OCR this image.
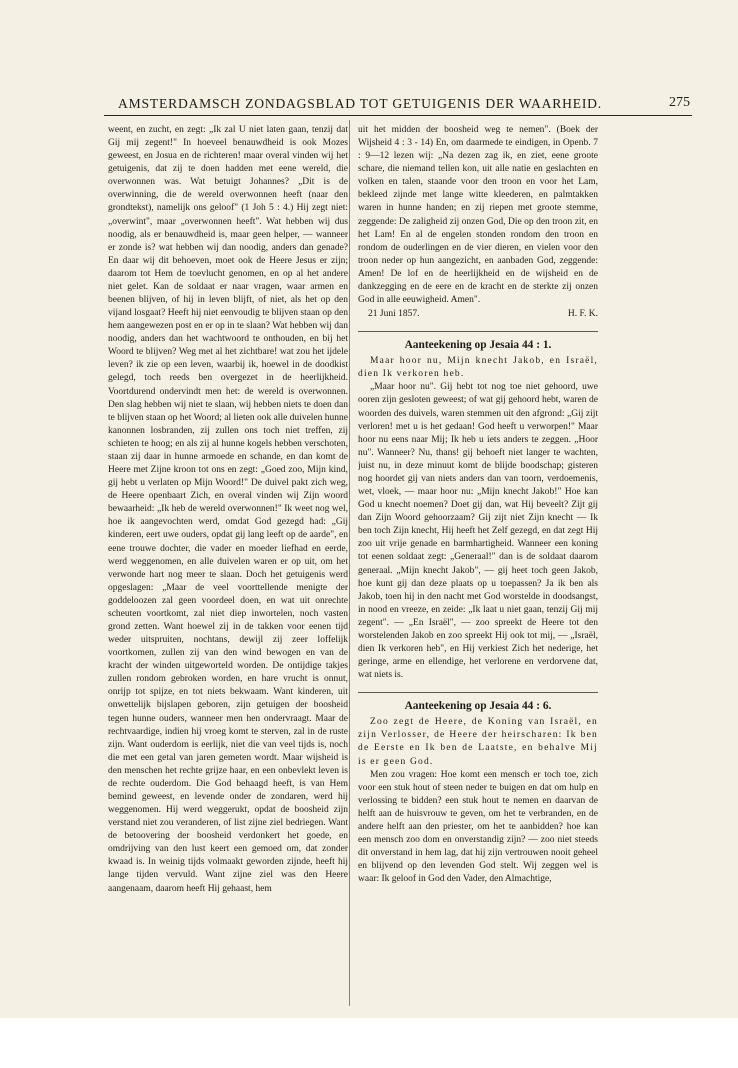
AMSTERDAMSCH ZONDAGSBLAD TOT GETUIGENIS DER WAARHEID.	275

weent, en zucht, en zegt: „Ik zal U niet laten gaan, tenzij dat Gij mij zegent!" In hoeveel benauwdheid is ook Mozes geweest, en Josua en de richteren! maar overal vinden wij het getuigenis, dat zij te doen hadden met eene wereld, die overwonnen was. Wat betuigt Johannes? „Dit is de overwinning, die de wereld overwonnen heeft (naar den grondtekst), namelijk ons geloof" (1 Joh 5 : 4.) Hij zegt niet: „overwint", maar „overwonnen heeft". Wat hebben wij dus noodig, als er benauwdheid is, maar geen helper, — wanneer er zonde is? wat hebben wij dan noodig, anders dan genade? En daar wij dit behoeven, moet ook de Heere Jesus er zijn; daarom tot Hem de toevlucht genomen, en op al het andere niet gelet. Kan de soldaat er naar vragen, waar armen en beenen blijven, of hij in leven blijft, of niet, als het op den vijand losgaat? Heeft hij niet eenvoudig te blijven staan op den hem aangewezen post en er op in te slaan? Wat hebben wij dan noodig, anders dan het wachtwoord te onthouden, en bij het Woord te blijven? Weg met al het zichtbare! wat zou het ijdele leven? ik zie op een leven, waarbij ik, hoewel in de doodkist gelegd, toch reeds ben overgezet in de heerlijkheid. Voortdurend ondervindt men het: de wereld is overwonnen. Den slag hebben wij niet te slaan, wij hebben niets te doen dan te blijven staan op het Woord; al lieten ook alle duivelen hunne kanonnen losbranden, zij zullen ons toch niet treffen, zij schieten te hoog; en als zij al hunne kogels hebben verschoten, staan zij daar in hunne armoede en schande, en dan komt de Heere met Zijne kroon tot ons en zegt: „Goed zoo, Mijn kind, gij hebt u verlaten op Mijn Woord!" De duivel pakt zich weg, de Heere openbaart Zich, en overal vinden wij Zijn woord bewaarheid: „Ik heb de wereld overwonnen!" Ik weet nog wel, hoe ik aangevochten werd, omdat God gezegd had: „Gij kinderen, eert uwe ouders, opdat gij lang leeft op de aarde", en eene trouwe dochter, die vader en moeder liefhad en eerde, werd weggenomen, en alle duivelen waren er op uit, om het verwonde hart nog meer te slaan. Doch het getuigenis werd opgeslagen: „Maar de veel voorttellende menigte der goddeloozen zal geen voordeel doen, en wat uit onrechte scheuten voortkomt, zal niet diep inwortelen, noch vasten grond zetten. Want hoewel zij in de takken voor eenen tijd weder uitspruiten, nochtans, dewijl zij zeer loffelijk voortkomen, zullen zij van den wind bewogen en van de kracht der winden uitgeworteld worden. De ontijdige takjes zullen rondom gebroken worden, en hare vrucht is onnut, onrijp tot spijze, en tot niets bekwaam. Want kinderen, uit onwettelijk bijslapen geboren, zijn getuigen der boosheid tegen hunne ouders, wanneer men hen ondervraagt. Maar de rechtvaardige, indien hij vroeg komt te sterven, zal in de ruste zijn. Want ouderdom is eerlijk, niet die van veel tijds is, noch die met een getal van jaren gemeten wordt. Maar wijsheid is den menschen het rechte grijze haar, en een onbevlekt leven is de rechte ouderdom. Die God behaagd heeft, is van Hem bemind geweest, en levende onder de zondaren, werd hij weggenomen. Hij werd weggerukt, opdat de boosheid zijn verstand niet zou veranderen, of list zijne ziel bedriegen. Want de betoovering der boosheid verdonkert het goede, en omdrijving van den lust keert een gemoed om, dat zonder kwaad is. In weinig tijds volmaakt geworden zijnde, heeft hij lange tijden vervuld. Want zijne ziel was den Heere aangenaam, daarom heeft Hij gehaast, hem

uit het midden der boosheid weg te nemen". (Boek der Wijsheid 4 : 3 - 14) En, om daarmede te eindigen, in Openb. 7 : 9—12 lezen wij: „Na dezen zag ik, en ziet, eene groote schare, die niemand tellen kon, uit alle natie en geslachten en volken en talen, staande voor den troon en voor het Lam, bekleed zijnde met lange witte kleederen, en palmtakken waren in hunne handen; en zij riepen met groote stemme, zeggende: De zaligheid zij onzen God, Die op den troon zit, en het Lam! En al de engelen stonden rondom den troon en rondom de ouderlingen en de vier dieren, en vielen voor den troon neder op hun aangezicht, en aanbaden God, zeggende: Amen! De lof en de heerlijkheid en de wijsheid en de dankzegging en de eere en de kracht en de sterkte zij onzen God in alle eeuwigheid. Amen".

21 Juni 1857.	H. F. K.

Aanteekening op Jesaia 44 : 1.

Maar hoor nu, Mijn knecht Jakob, en Israël, dien Ik verkoren heb.

„Maar hoor nu". Gij hebt tot nog toe niet gehoord, uwe ooren zijn gesloten geweest; of wat gij gehoord hebt, waren de woorden des duivels, waren stemmen uit den afgrond: „Gij zijt verloren! met u is het gedaan! God heeft u verworpen!" Maar hoor nu eens naar Mij; Ik heb u iets anders te zeggen. „Hoor nu". Wanneer? Nu, thans! gij behoeft niet langer te wachten, juist nu, in deze minuut komt de blijde boodschap; gisteren nog hoordet gij van niets anders dan van toorn, verdoemenis, wet, vloek, — maar hoor nu: „Mijn knecht Jakob!" Hoe kan God u knecht noemen? Doet gij dan, wat Hij beveelt? Zijt gij dan Zijn Woord gehoorzaam? Gij zijt niet Zijn knecht — Ik ben toch Zijn knecht, Hij heeft het Zelf gezegd, en dat zegt Hij zoo uit vrije genade en barmhartigheid. Wanneer een koning tot eenen soldaat zegt: „Generaal!" dan is de soldaat daarom generaal. „Mijn knecht Jakob", — gij heet toch geen Jakob, hoe kunt gij dan deze plaats op u toepassen? Ja ik ben als Jakob, toen hij in den nacht met God worstelde in doodsangst, in nood en vreeze, en zeide: „Ik laat u niet gaan, tenzij Gij mij zegent". — „En Israël", — zoo spreekt de Heere tot den worstelenden Jakob en zoo spreekt Hij ook tot mij, — „Israël, dien Ik verkoren heb", en Hij verkiest Zich het nederige, het geringe, arme en ellendige, het verlorene en verdorvene dat, wat niets is.

Aanteekening op Jesaia 44 : 6.

Zoo zegt de Heere, de Koning van Israël, en zijn Verlosser, de Heere der heirscharen: Ik ben de Eerste en Ik ben de Laatste, en behalve Mij is er geen God.

Men zou vragen: Hoe komt een mensch er toch toe, zich voor een stuk hout of steen neder te buigen en dat om hulp en verlossing te bidden? een stuk hout te nemen en daarvan de helft aan de huisvrouw te geven, om het te verbranden, en de andere helft aan den priester, om het te aanbidden? hoe kan een mensch zoo dom en onverstandig zijn? — zoo niet steeds dit onverstand in hem lag, dat hij zijn vertrouwen nooit geheel en blijvend op den levenden God stelt. Wij zeggen wel is waar: Ik geloof in God den Vader, den Almachtige,
